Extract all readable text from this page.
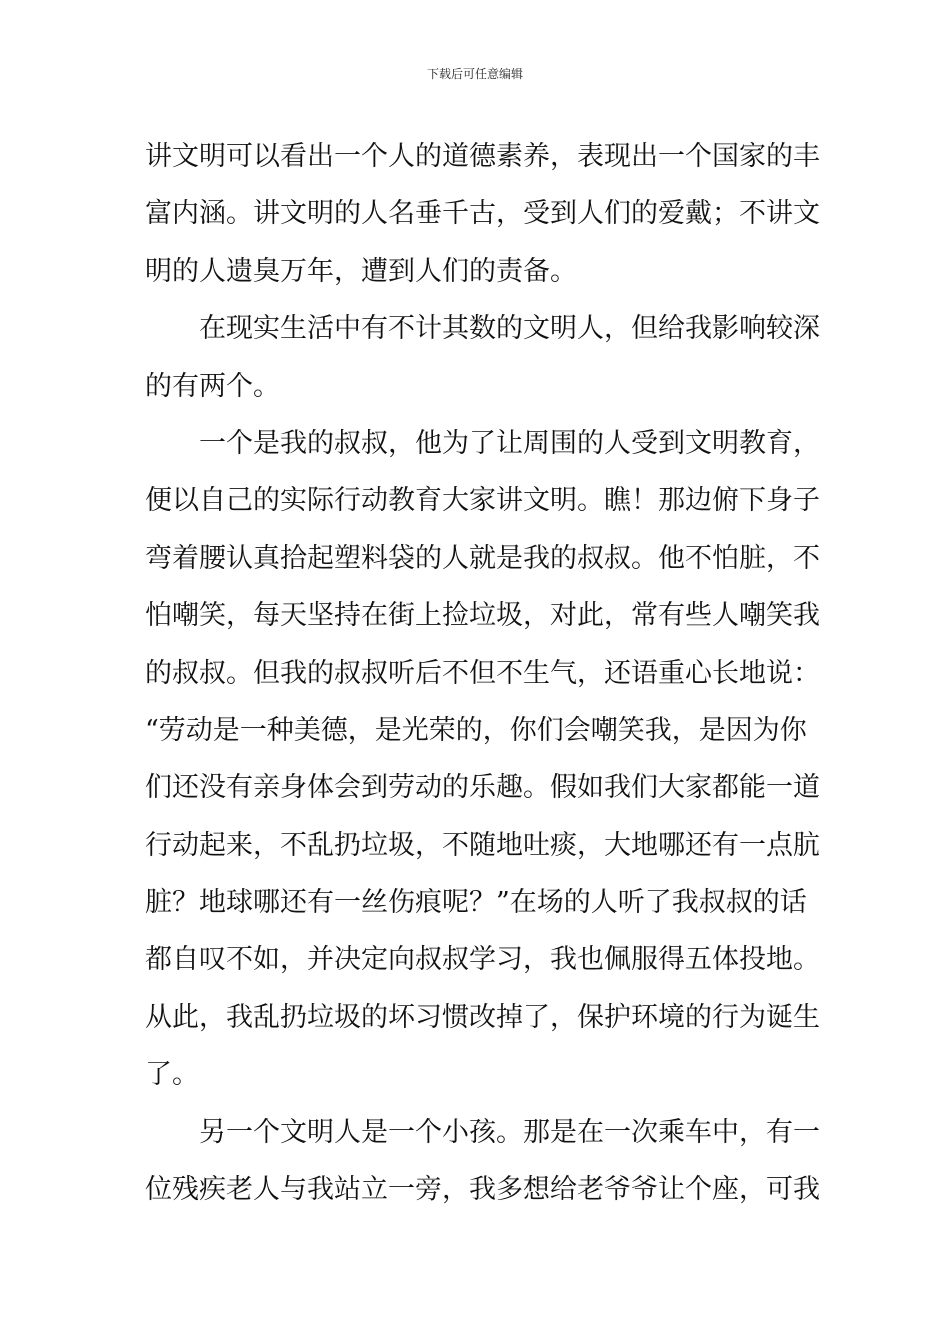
下载后可任意编辑
讲文明可以看出一个人的道德素养，表现出一个国家的丰
富内涵。讲文明的人名垂千古，受到人们的爱戴；不讲文
明的人遗臭万年，遭到人们的责备。
在现实生活中有不计其数的文明人，但给我影响较深
的有两个。
一个是我的叔叔，他为了让周围的人受到文明教育，
便以自己的实际行动教育大家讲文明。瞧！那边俯下身子
弯着腰认真拾起塑料袋的人就是我的叔叔。他不怕脏，不
怕嘲笑，每天坚持在街上捡垃圾，对此，常有些人嘲笑我
的叔叔。但我的叔叔听后不但不生气，还语重心长地说：
“劳动是一种美德，是光荣的，你们会嘲笑我，是因为你
们还没有亲身体会到劳动的乐趣。假如我们大家都能一道
行动起来，不乱扔垃圾，不随地吐痰，大地哪还有一点肮
脏？地球哪还有一丝伤痕呢？”在场的人听了我叔叔的话
都自叹不如，并决定向叔叔学习，我也佩服得五体投地。
从此，我乱扔垃圾的坏习惯改掉了，保护环境的行为诞生
了。
另一个文明人是一个小孩。那是在一次乘车中，有一
位残疾老人与我站立一旁，我多想给老爷爷让个座，可我
